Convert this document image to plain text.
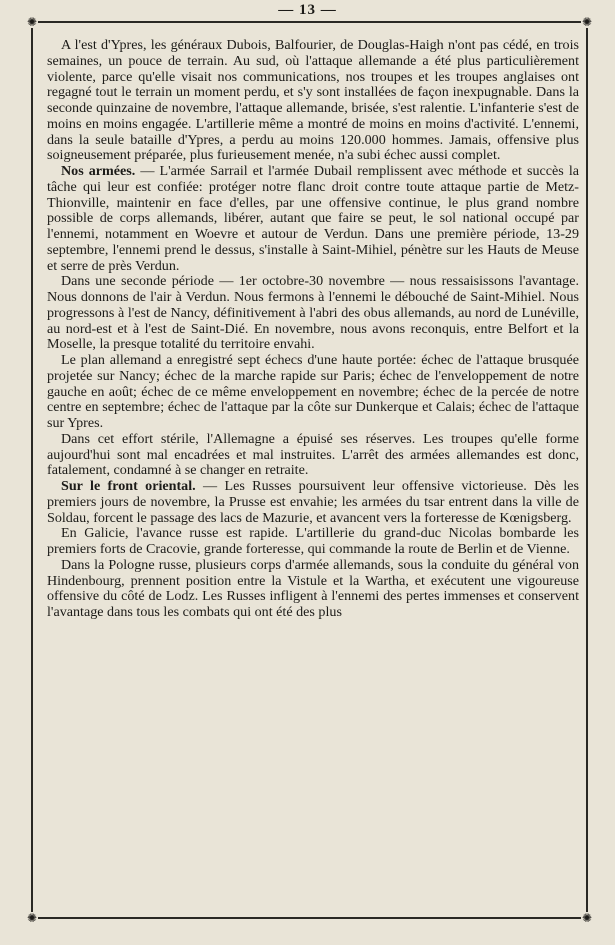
— 13 —
✺	✺
✺	✺

A l'est d'Ypres, les généraux Dubois, Balfourier, de Douglas-Haigh n'ont pas cédé, en trois semaines, un pouce de terrain. Au sud, où l'attaque allemande a été plus particulièrement violente, parce qu'elle visait nos communications, nos troupes et les troupes anglaises ont regagné tout le terrain un moment perdu, et s'y sont installées de façon inexpugnable. Dans la seconde quinzaine de novembre, l'attaque allemande, brisée, s'est ralentie. L'infanterie s'est de moins en moins engagée. L'artillerie même a montré de moins en moins d'activité. L'ennemi, dans la seule bataille d'Ypres, a perdu au moins 120.000 hommes. Jamais, offensive plus soigneusement préparée, plus furieusement menée, n'a subi échec aussi complet.

Nos armées. — L'armée Sarrail et l'armée Dubail remplissent avec méthode et succès la tâche qui leur est confiée: protéger notre flanc droit contre toute attaque partie de Metz-Thionville, maintenir en face d'elles, par une offensive continue, le plus grand nombre possible de corps allemands, libérer, autant que faire se peut, le sol national occupé par l'ennemi, notamment en Woevre et autour de Verdun. Dans une première période, 13-29 septembre, l'ennemi prend le dessus, s'installe à Saint-Mihiel, pénètre sur les Hauts de Meuse et serre de près Verdun.

Dans une seconde période — 1er octobre-30 novembre — nous ressaisissons l'avantage. Nous donnons de l'air à Verdun. Nous fermons à l'ennemi le débouché de Saint-Mihiel. Nous progressons à l'est de Nancy, définitivement à l'abri des obus allemands, au nord de Lunéville, au nord-est et à l'est de Saint-Dié. En novembre, nous avons reconquis, entre Belfort et la Moselle, la presque totalité du territoire envahi.

Le plan allemand a enregistré sept échecs d'une haute portée: échec de l'attaque brusquée projetée sur Nancy; échec de la marche rapide sur Paris; échec de l'enveloppement de notre gauche en août; échec de ce même enveloppement en novembre; échec de la percée de notre centre en septembre; échec de l'attaque par la côte sur Dunkerque et Calais; échec de l'attaque sur Ypres.

Dans cet effort stérile, l'Allemagne a épuisé ses réserves. Les troupes qu'elle forme aujourd'hui sont mal encadrées et mal instruites. L'arrêt des armées allemandes est donc, fatalement, condamné à se changer en retraite.

Sur le front oriental. — Les Russes poursuivent leur offensive victorieuse. Dès les premiers jours de novembre, la Prusse est envahie; les armées du tsar entrent dans la ville de Soldau, forcent le passage des lacs de Mazurie, et avancent vers la forteresse de Kœnigsberg.

En Galicie, l'avance russe est rapide. L'artillerie du grand-duc Nicolas bombarde les premiers forts de Cracovie, grande forteresse, qui commande la route de Berlin et de Vienne.

Dans la Pologne russe, plusieurs corps d'armée allemands, sous la conduite du général von Hindenbourg, prennent position entre la Vistule et la Wartha, et exécutent une vigoureuse offensive du côté de Lodz. Les Russes infligent à l'ennemi des pertes immenses et conservent l'avantage dans tous les combats qui ont été des plus
